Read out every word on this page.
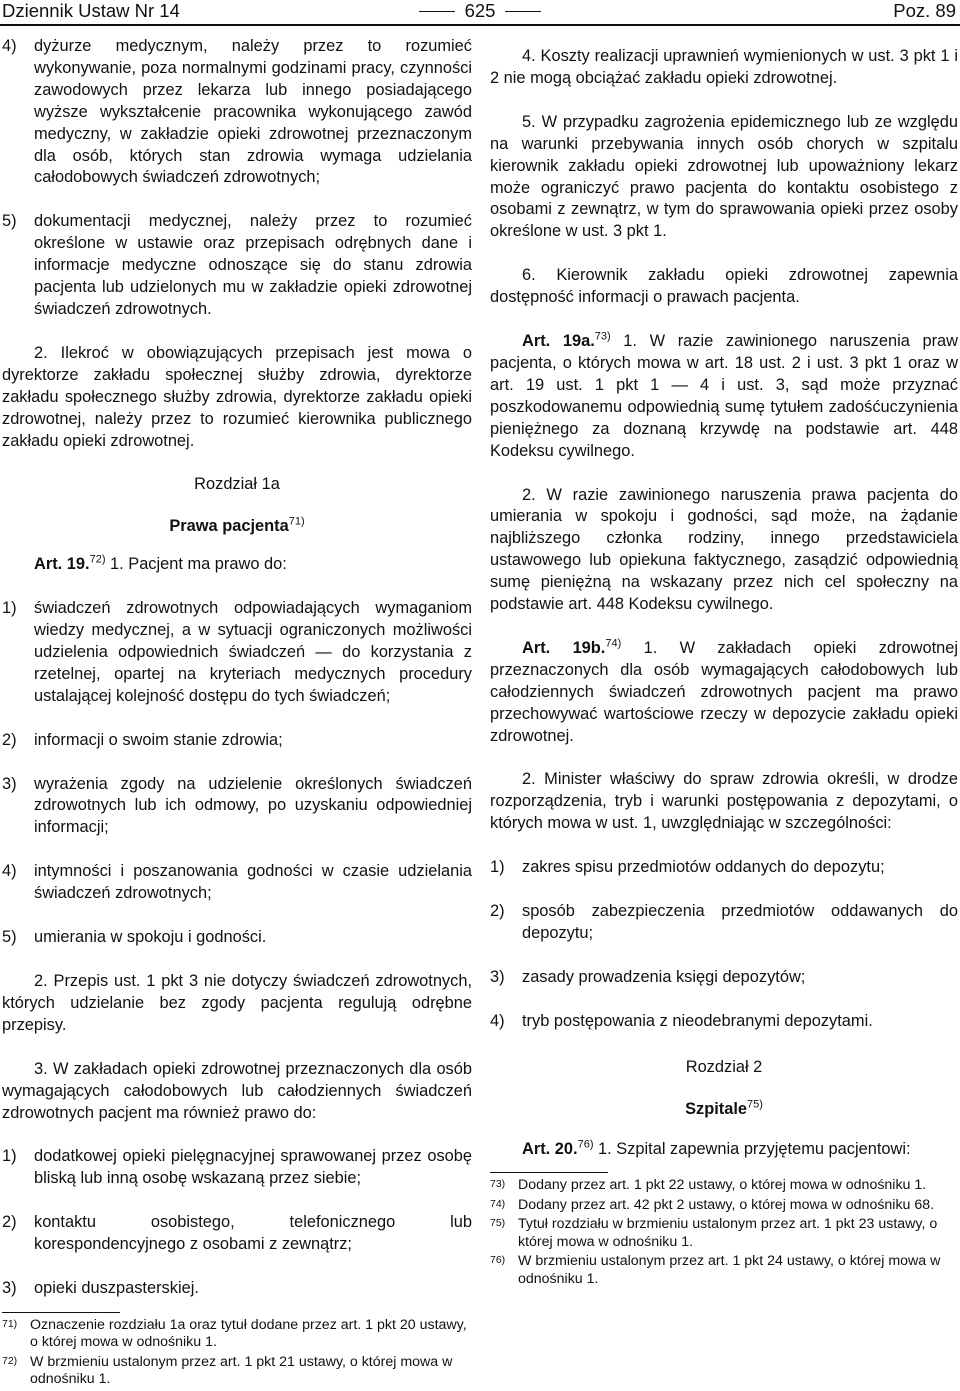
Dziennik Ustaw Nr 14	625	Poz. 89
4)	dyżurze medycznym, należy przez to rozumieć wykonywanie, poza normalnymi godzinami pracy, czynności zawodowych przez lekarza lub innego posiadającego wyższe wykształcenie pracownika wykonującego zawód medyczny, w zakładzie opieki zdrowotnej przeznaczonym dla osób, których stan zdrowia wymaga udzielania całodobowych świadczeń zdrowotnych;
5)	dokumentacji medycznej, należy przez to rozumieć określone w ustawie oraz przepisach odrębnych dane i informacje medyczne odnoszące się do stanu zdrowia pacjenta lub udzielonych mu w zakładzie opieki zdrowotnej świadczeń zdrowotnych.

2. Ilekroć w obowiązujących przepisach jest mowa o dyrektorze zakładu społecznej służby zdrowia, dyrektorze zakładu społecznego służby zdrowia, dyrektorze zakładu opieki zdrowotnej, należy przez to rozumieć kierownika publicznego zakładu opieki zdrowotnej.

Rozdział 1a

Prawa pacjenta$^{71)}$

Art. 19.$^{72)}$ 1. Pacjent ma prawo do:

1)	świadczeń zdrowotnych odpowiadających wymaganiom wiedzy medycznej, a w sytuacji ograniczonych możliwości udzielenia odpowiednich świadczeń — do korzystania z rzetelnej, opartej na kryteriach medycznych procedury ustalającej kolejność dostępu do tych świadczeń;
2)	informacji o swoim stanie zdrowia;
3)	wyrażenia zgody na udzielenie określonych świadczeń zdrowotnych lub ich odmowy, po uzyskaniu odpowiedniej informacji;
4)	intymności i poszanowania godności w czasie udzielania świadczeń zdrowotnych;
5)	umierania w spokoju i godności.

2. Przepis ust. 1 pkt 3 nie dotyczy świadczeń zdrowotnych, których udzielanie bez zgody pacjenta regulują odrębne przepisy.

3. W zakładach opieki zdrowotnej przeznaczonych dla osób wymagających całodobowych lub całodziennych świadczeń zdrowotnych pacjent ma również prawo do:

1)	dodatkowej opieki pielęgnacyjnej sprawowanej przez osobę bliską lub inną osobę wskazaną przez siebie;
2)	kontaktu osobistego, telefonicznego lub korespondencyjnego z osobami z zewnątrz;
3)	opieki duszpasterskiej.
71) Oznaczenie rozdziału 1a oraz tytuł dodane przez art. 1 pkt 20 ustawy, o której mowa w odnośniku 1.
72) W brzmieniu ustalonym przez art. 1 pkt 21 ustawy, o której mowa w odnośniku 1.

4. Koszty realizacji uprawnień wymienionych w ust. 3 pkt 1 i 2 nie mogą obciążać zakładu opieki zdrowotnej.

5. W przypadku zagrożenia epidemicznego lub ze względu na warunki przebywania innych osób chorych w szpitalu kierownik zakładu opieki zdrowotnej lub upoważniony lekarz może ograniczyć prawo pacjenta do kontaktu osobistego z osobami z zewnątrz, w tym do sprawowania opieki przez osoby określone w ust. 3 pkt 1.

6. Kierownik zakładu opieki zdrowotnej zapewnia dostępność informacji o prawach pacjenta.

Art. 19a.$^{73)}$ 1. W razie zawinionego naruszenia praw pacjenta, o których mowa w art. 18 ust. 2 i ust. 3 pkt 1 oraz w art. 19 ust. 1 pkt 1 — 4 i ust. 3, sąd może przyznać poszkodowanemu odpowiednią sumę tytułem zadośćuczynienia pieniężnego za doznaną krzywdę na podstawie art. 448 Kodeksu cywilnego.

2. W razie zawinionego naruszenia prawa pacjenta do umierania w spokoju i godności, sąd może, na żądanie najbliższego członka rodziny, innego przedstawiciela ustawowego lub opiekuna faktycznego, zasądzić odpowiednią sumę pieniężną na wskazany przez nich cel społeczny na podstawie art. 448 Kodeksu cywilnego.

Art. 19b.$^{74)}$ 1. W zakładach opieki zdrowotnej przeznaczonych dla osób wymagających całodobowych lub całodziennych świadczeń zdrowotnych pacjent ma prawo przechowywać wartościowe rzeczy w depozycie zakładu opieki zdrowotnej.

2. Minister właściwy do spraw zdrowia określi, w drodze rozporządzenia, tryb i warunki postępowania z depozytami, o których mowa w ust. 1, uwzględniając w szczególności:

1)	zakres spisu przedmiotów oddanych do depozytu;
2)	sposób zabezpieczenia przedmiotów oddawanych do depozytu;
3)	zasady prowadzenia księgi depozytów;
4)	tryb postępowania z nieodebranymi depozytami.

Rozdział 2

Szpitale$^{75)}$

Art. 20.$^{76)}$ 1. Szpital zapewnia przyjętemu pacjentowi:

73) Dodany przez art. 1 pkt 22 ustawy, o której mowa w odnośniku 1.
74) Dodany przez art. 42 pkt 2 ustawy, o której mowa w odnośniku 68.
75) Tytuł rozdziału w brzmieniu ustalonym przez art. 1 pkt 23 ustawy, o której mowa w odnośniku 1.
76) W brzmieniu ustalonym przez art. 1 pkt 24 ustawy, o której mowa w odnośniku 1.
